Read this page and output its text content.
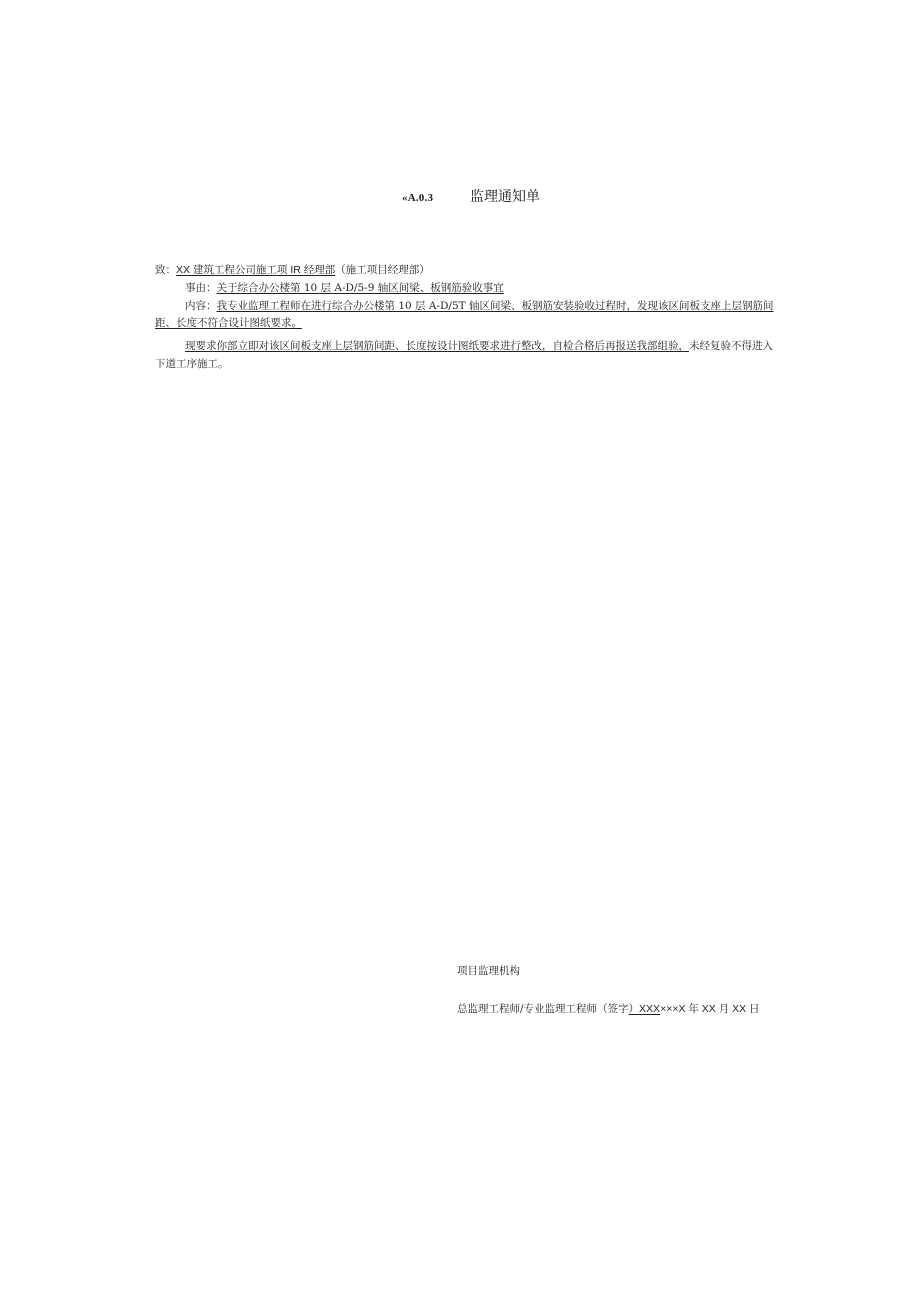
«A.0.3	监理通知单
致：XX 建筑工程公司施工项 IR 经理部（施工项目经理部）
事由：关于综合办公楼第 10 层 A-D/5-9 轴区间梁、板钢筋验收事宜
内容：我专业监理工程师在进行综合办公楼第 10 层 A-D/5T 轴区间梁、板钢筋安装验收过程时，发现该区间板支座上层钢筋间
距、长度不符合设计图纸要求。
现要求你部立即对该区间板支座上层钢筋间距、长度按设计图纸要求进行整改，自检合格后再报送我部组验，未经复验不得进入
下道工序施工。
项目监理机构
总监理工程师/专业监理工程师（签字）XXX×××X 年 XX 月 XX 日
